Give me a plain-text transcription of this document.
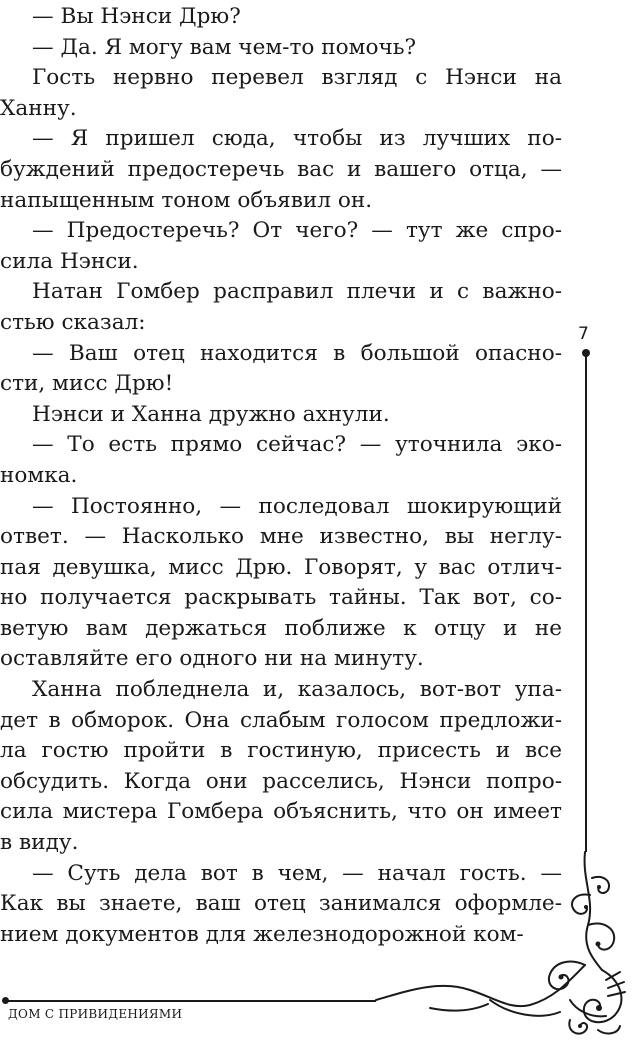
— Вы Нэнси Дрю?
— Да. Я могу вам чем-то помочь?
Гость нервно перевел взгляд с Нэнси на
Ханну.
— Я пришел сюда, чтобы из лучших по-
буждений предостеречь вас и вашего отца, —
напыщенным тоном объявил он.
— Предостеречь? От чего? — тут же спро-
сила Нэнси.
Натан Гомбер расправил плечи и с важно-
стью сказал:
— Ваш отец находится в большой опасно-
сти, мисс Дрю!
Нэнси и Ханна дружно ахнули.
— То есть прямо сейчас? — уточнила эко-
номка.
— Постоянно, — последовал шокирующий
ответ. — Насколько мне известно, вы неглу-
пая девушка, мисс Дрю. Говорят, у вас отлич-
но получается раскрывать тайны. Так вот, со-
ветую вам держаться поближе к отцу и не
оставляйте его одного ни на минуту.
Ханна побледнела и, казалось, вот-вот упа-
дет в обморок. Она слабым голосом предложи-
ла гостю пройти в гостиную, присесть и все
обсудить. Когда они расселись, Нэнси попро-
сила мистера Гомбера объяснить, что он имеет
в виду.
— Суть дела вот в чем, — начал гость. —
Как вы знаете, ваш отец занимался оформле-
нием документов для железнодорожной ком-
7
ДОМ С ПРИВИДЕНИЯМИ
